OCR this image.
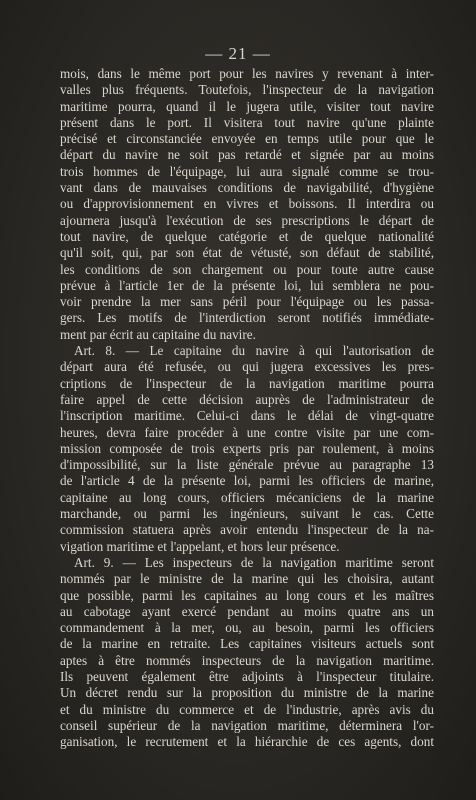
— 21 —
mois, dans le même port pour les navires y revenant à inter-
valles plus fréquents. Toutefois, l'inspecteur de la navigation
maritime pourra, quand il le jugera utile, visiter tout navire
présent dans le port. Il visitera tout navire qu'une plainte
précisé et circonstanciée envoyée en temps utile pour que le
départ du navire ne soit pas retardé et signée par au moins
trois hommes de l'équipage, lui aura signalé comme se trou-
vant dans de mauvaises conditions de navigabilité, d'hygiène
ou d'approvisionnement en vivres et boissons. Il interdira ou
ajournera jusqu'à l'exécution de ses prescriptions le départ de
tout navire, de quelque catégorie et de quelque nationalité
qu'il soit, qui, par son état de vétusté, son défaut de stabilité,
les conditions de son chargement ou pour toute autre cause
prévue à l'article 1er de la présente loi, lui semblera ne pou-
voir prendre la mer sans péril pour l'équipage ou les passa-
gers. Les motifs de l'interdiction seront notifiés immédiate-
ment par écrit au capitaine du navire.
Art. 8. — Le capitaine du navire à qui l'autorisation de
départ aura été refusée, ou qui jugera excessives les pres-
criptions de l'inspecteur de la navigation maritime pourra
faire appel de cette décision auprès de l'administrateur de
l'inscription maritime. Celui-ci dans le délai de vingt-quatre
heures, devra faire procéder à une contre visite par une com-
mission composée de trois experts pris par roulement, à moins
d'impossibilité, sur la liste générale prévue au paragraphe 13
de l'article 4 de la présente loi, parmi les officiers de marine,
capitaine au long cours, officiers mécaniciens de la marine
marchande, ou parmi les ingénieurs, suivant le cas. Cette
commission statuera après avoir entendu l'inspecteur de la na-
vigation maritime et l'appelant, et hors leur présence.
Art. 9. — Les inspecteurs de la navigation maritime seront
nommés par le ministre de la marine qui les choisira, autant
que possible, parmi les capitaines au long cours et les maîtres
au cabotage ayant exercé pendant au moins quatre ans un
commandement à la mer, ou, au besoin, parmi les officiers
de la marine en retraite. Les capitaines visiteurs actuels sont
aptes à être nommés inspecteurs de la navigation maritime.
Ils peuvent également être adjoints à l'inspecteur titulaire.
Un décret rendu sur la proposition du ministre de la marine
et du ministre du commerce et de l'industrie, après avis du
conseil supérieur de la navigation maritime, déterminera l'or-
ganisation, le recrutement et la hiérarchie de ces agents, dont
